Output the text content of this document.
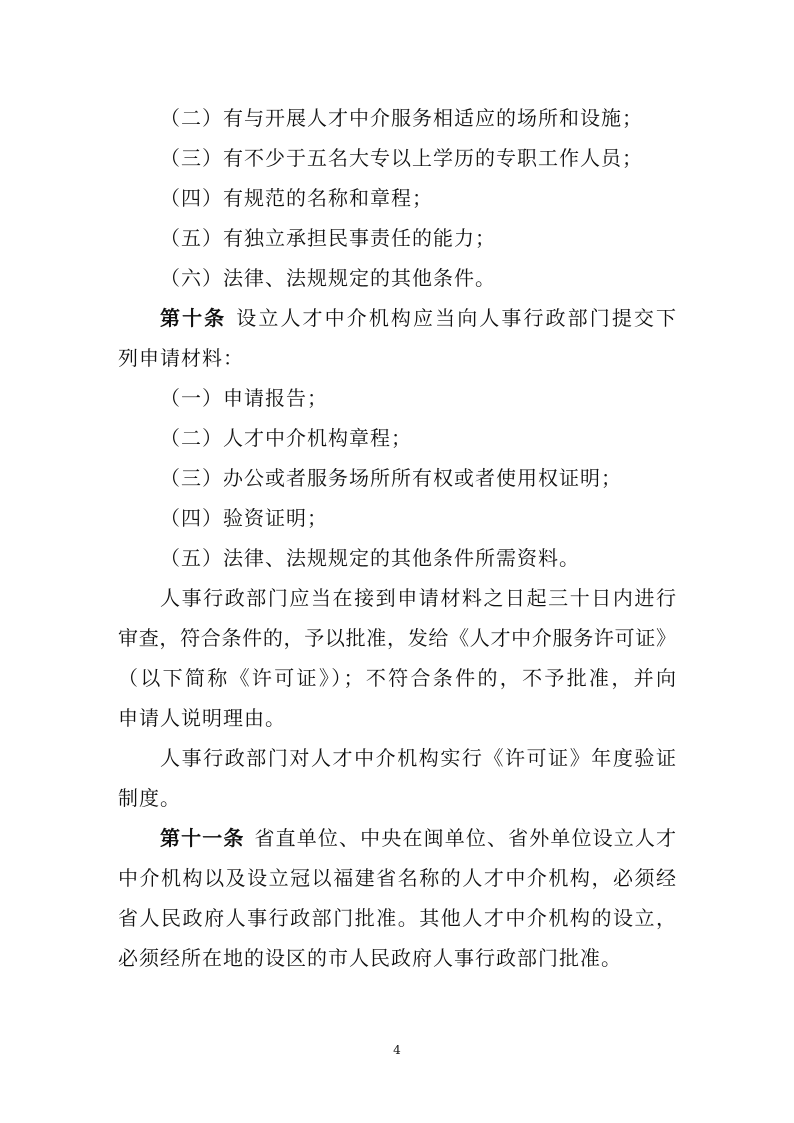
（二）有与开展人才中介服务相适应的场所和设施；
（三）有不少于五名大专以上学历的专职工作人员；
（四）有规范的名称和章程；
（五）有独立承担民事责任的能力；
（六）法律、法规规定的其他条件。
第十条 设立人才中介机构应当向人事行政部门提交下
列申请材料：
（一）申请报告；
（二）人才中介机构章程；
（三）办公或者服务场所所有权或者使用权证明；
（四）验资证明；
（五）法律、法规规定的其他条件所需资料。
人事行政部门应当在接到申请材料之日起三十日内进行
审查，符合条件的，予以批准，发给《人才中介服务许可证》
（以下简称《许可证》）；不符合条件的，不予批准，并向
申请人说明理由。
人事行政部门对人才中介机构实行《许可证》年度验证
制度。
第十一条 省直单位、中央在闽单位、省外单位设立人才
中介机构以及设立冠以福建省名称的人才中介机构，必须经
省人民政府人事行政部门批准。其他人才中介机构的设立，
必须经所在地的设区的市人民政府人事行政部门批准。
4
